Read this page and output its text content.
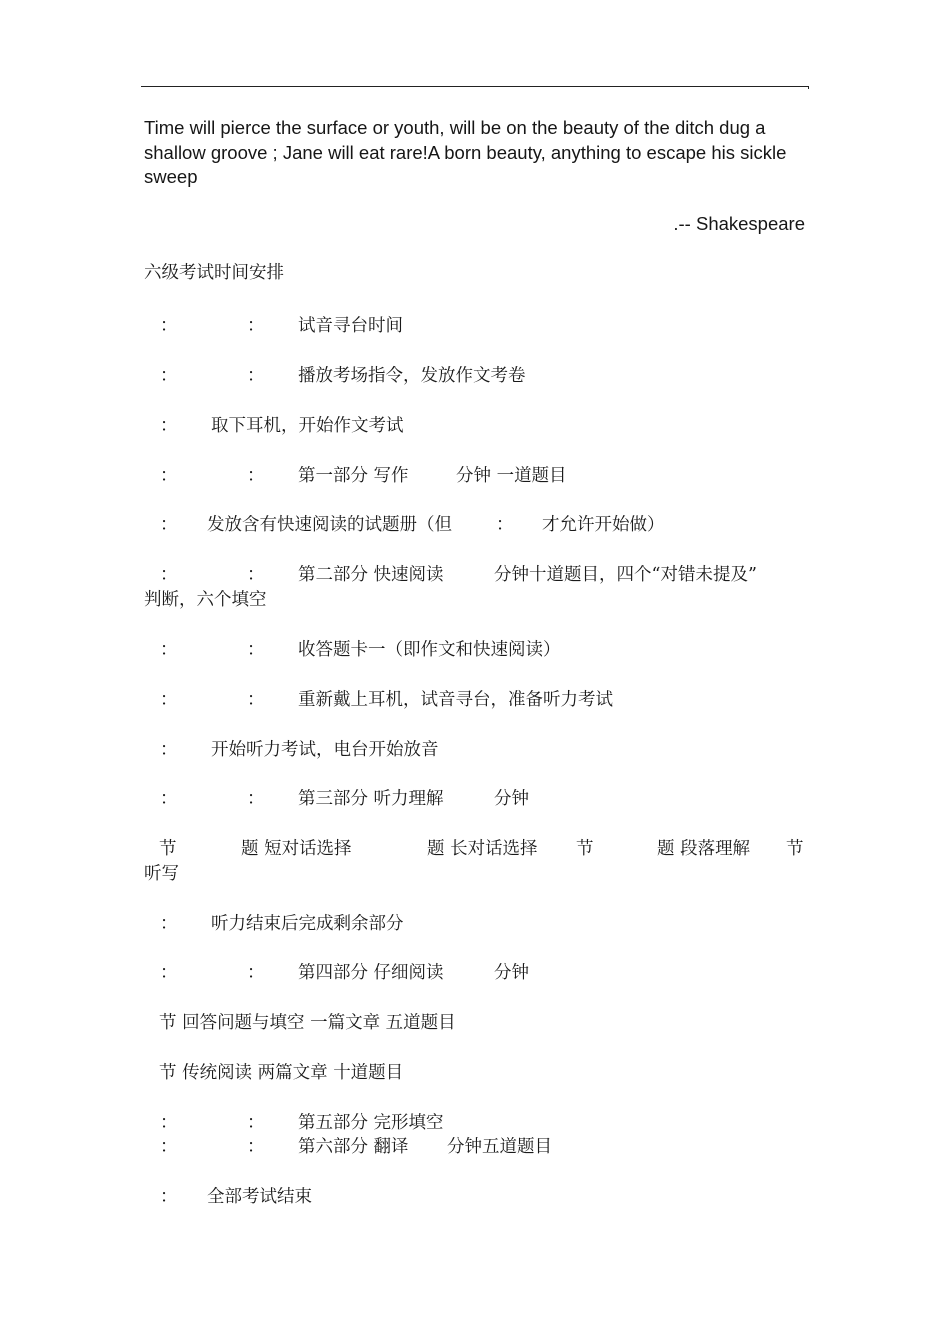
Time will pierce the surface or youth, will be on the beauty of the ditch dug a shallow groove ; Jane will eat rare!A born beauty, anything to escape his sickle sweep
.-- Shakespeare
六级考试时间安排
：	： 试音寻台时间
：	： 播放考场指令，发放作文考卷
： 取下耳机，开始作文考试
：	： 第一部分 写作	分钟 一道题目
： 发放含有快速阅读的试题册（但	： 才允许开始做）
：	： 第二部分 快速阅读	分钟十道题目，四个“对错未提及”
判断，六个填空
：	： 收答题卡一（即作文和快速阅读）
：	： 重新戴上耳机，试音寻台，准备听力考试
： 开始听力考试，电台开始放音
：	： 第三部分 听力理解	分钟
节	题 短对话选择	题 长对话选择 节	题 段落理解 节
听写
： 听力结束后完成剩余部分
：	： 第四部分 仔细阅读	分钟
节 回答问题与填空 一篇文章 五道题目
节 传统阅读 两篇文章 十道题目
：	： 第五部分 完形填空
：	： 第六部分 翻译 分钟五道题目
： 全部考试结束
